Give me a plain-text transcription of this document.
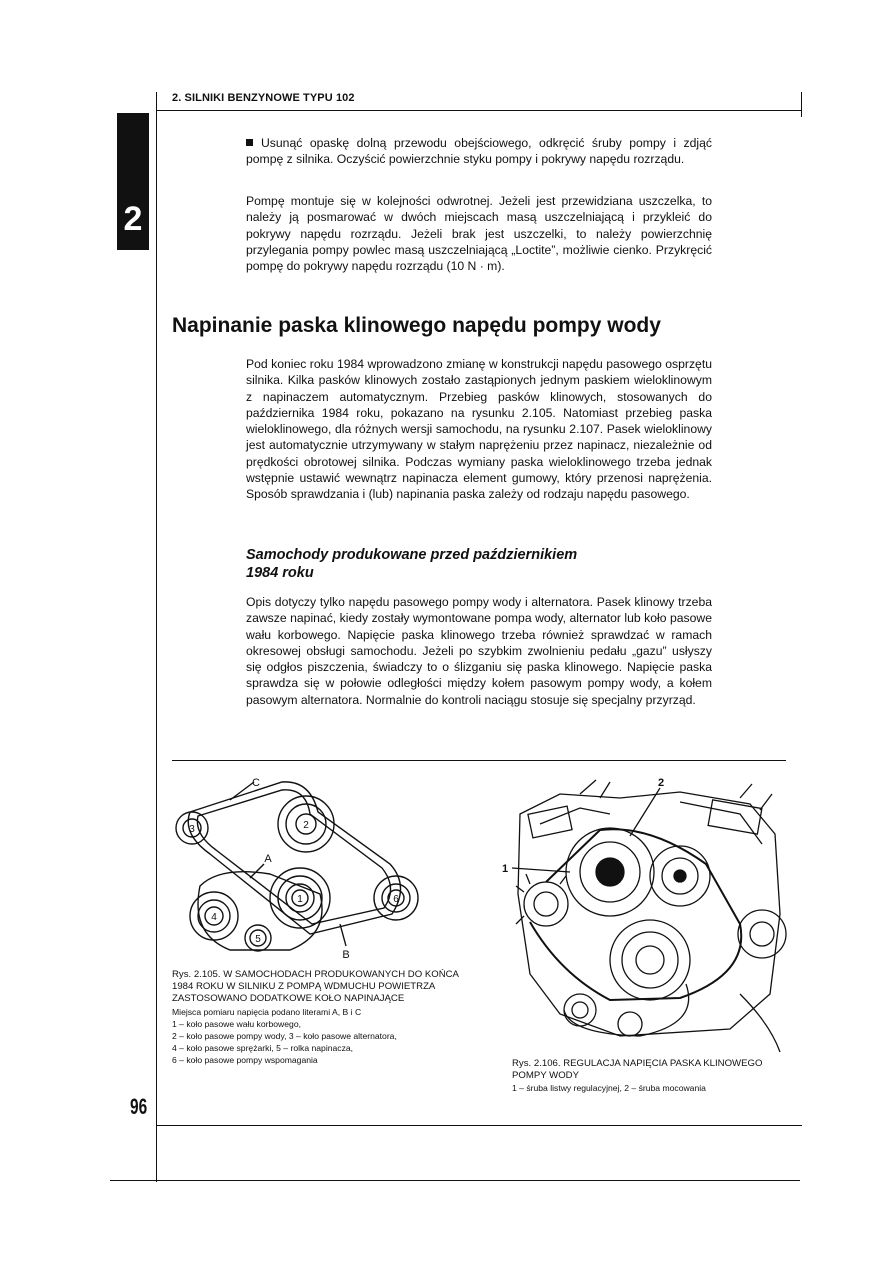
2. SILNIKI BENZYNOWE TYPU 102
2
Usunąć opaskę dolną przewodu obejściowego, odkręcić śruby pompy i zdjąć pompę z silnika. Oczyścić powierzchnie styku pompy i pokrywy napędu rozrządu.
Pompę montuje się w kolejności odwrotnej. Jeżeli jest przewidziana uszczelka, to należy ją posmarować w dwóch miejscach masą uszczelniającą i przykleić do pokrywy napędu rozrządu. Jeżeli brak jest uszczelki, to należy powierzchnię przylegania pompy powlec masą uszczelniającą „Loctite”, możliwie cienko. Przykręcić pompę do pokrywy napędu rozrządu (10 N · m).
Napinanie paska klinowego napędu pompy wody
Pod koniec roku 1984 wprowadzono zmianę w konstrukcji napędu pasowego osprzętu silnika. Kilka pasków klinowych zostało zastąpionych jednym paskiem wieloklinowym z napinaczem automatycznym. Przebieg pasków klinowych, stosowanych do października 1984 roku, pokazano na rysunku 2.105. Natomiast przebieg paska wieloklinowego, dla różnych wersji samochodu, na rysunku 2.107. Pasek wieloklinowy jest automatycznie utrzymywany w stałym naprężeniu przez napinacz, niezależnie od prędkości obrotowej silnika. Podczas wymiany paska wieloklinowego trzeba jednak wstępnie ustawić wewnątrz napinacza element gumowy, który przenosi naprężenia. Sposób sprawdzania i (lub) napinania paska zależy od rodzaju napędu pasowego.
Samochody produkowane przed październikiem
1984 roku
Opis dotyczy tylko napędu pasowego pompy wody i alternatora. Pasek klinowy trzeba zawsze napinać, kiedy zostały wymontowane pompa wody, alternator lub koło pasowe wału korbowego. Napięcie paska klinowego trzeba również sprawdzać w ramach okresowej obsługi samochodu. Jeżeli po szybkim zwolnieniu pedału „gazu” usłyszy się odgłos piszczenia, świadczy to o ślizganiu się paska klinowego. Napięcie paska sprawdza się w połowie odległości między kołem pasowym pompy wody, a kołem pasowym alternatora. Normalnie do kontroli naciągu stosuje się specjalny przyrząd.
3	2
6
1
4
5
C
A
B
Rys. 2.105. W SAMOCHODACH PRODUKOWANYCH DO KOŃCA 1984 ROKU W SILNIKU Z POMPĄ WDMUCHU POWIETRZA ZASTOSOWANO DODATKOWE KOŁO NAPINAJĄCE
Miejsca pomiaru napięcia podano literami A, B i C
1 – koło pasowe wału korbowego,
2 – koło pasowe pompy wody, 3 – koło pasowe alternatora,
4 – koło pasowe sprężarki, 5 – rolka napinacza,
6 – koło pasowe pompy wspomagania
1
2
Rys. 2.106. REGULACJA NAPIĘCIA PASKA KLINOWEGO POMPY WODY
1 – śruba listwy regulacyjnej, 2 – śruba mocowania
96
